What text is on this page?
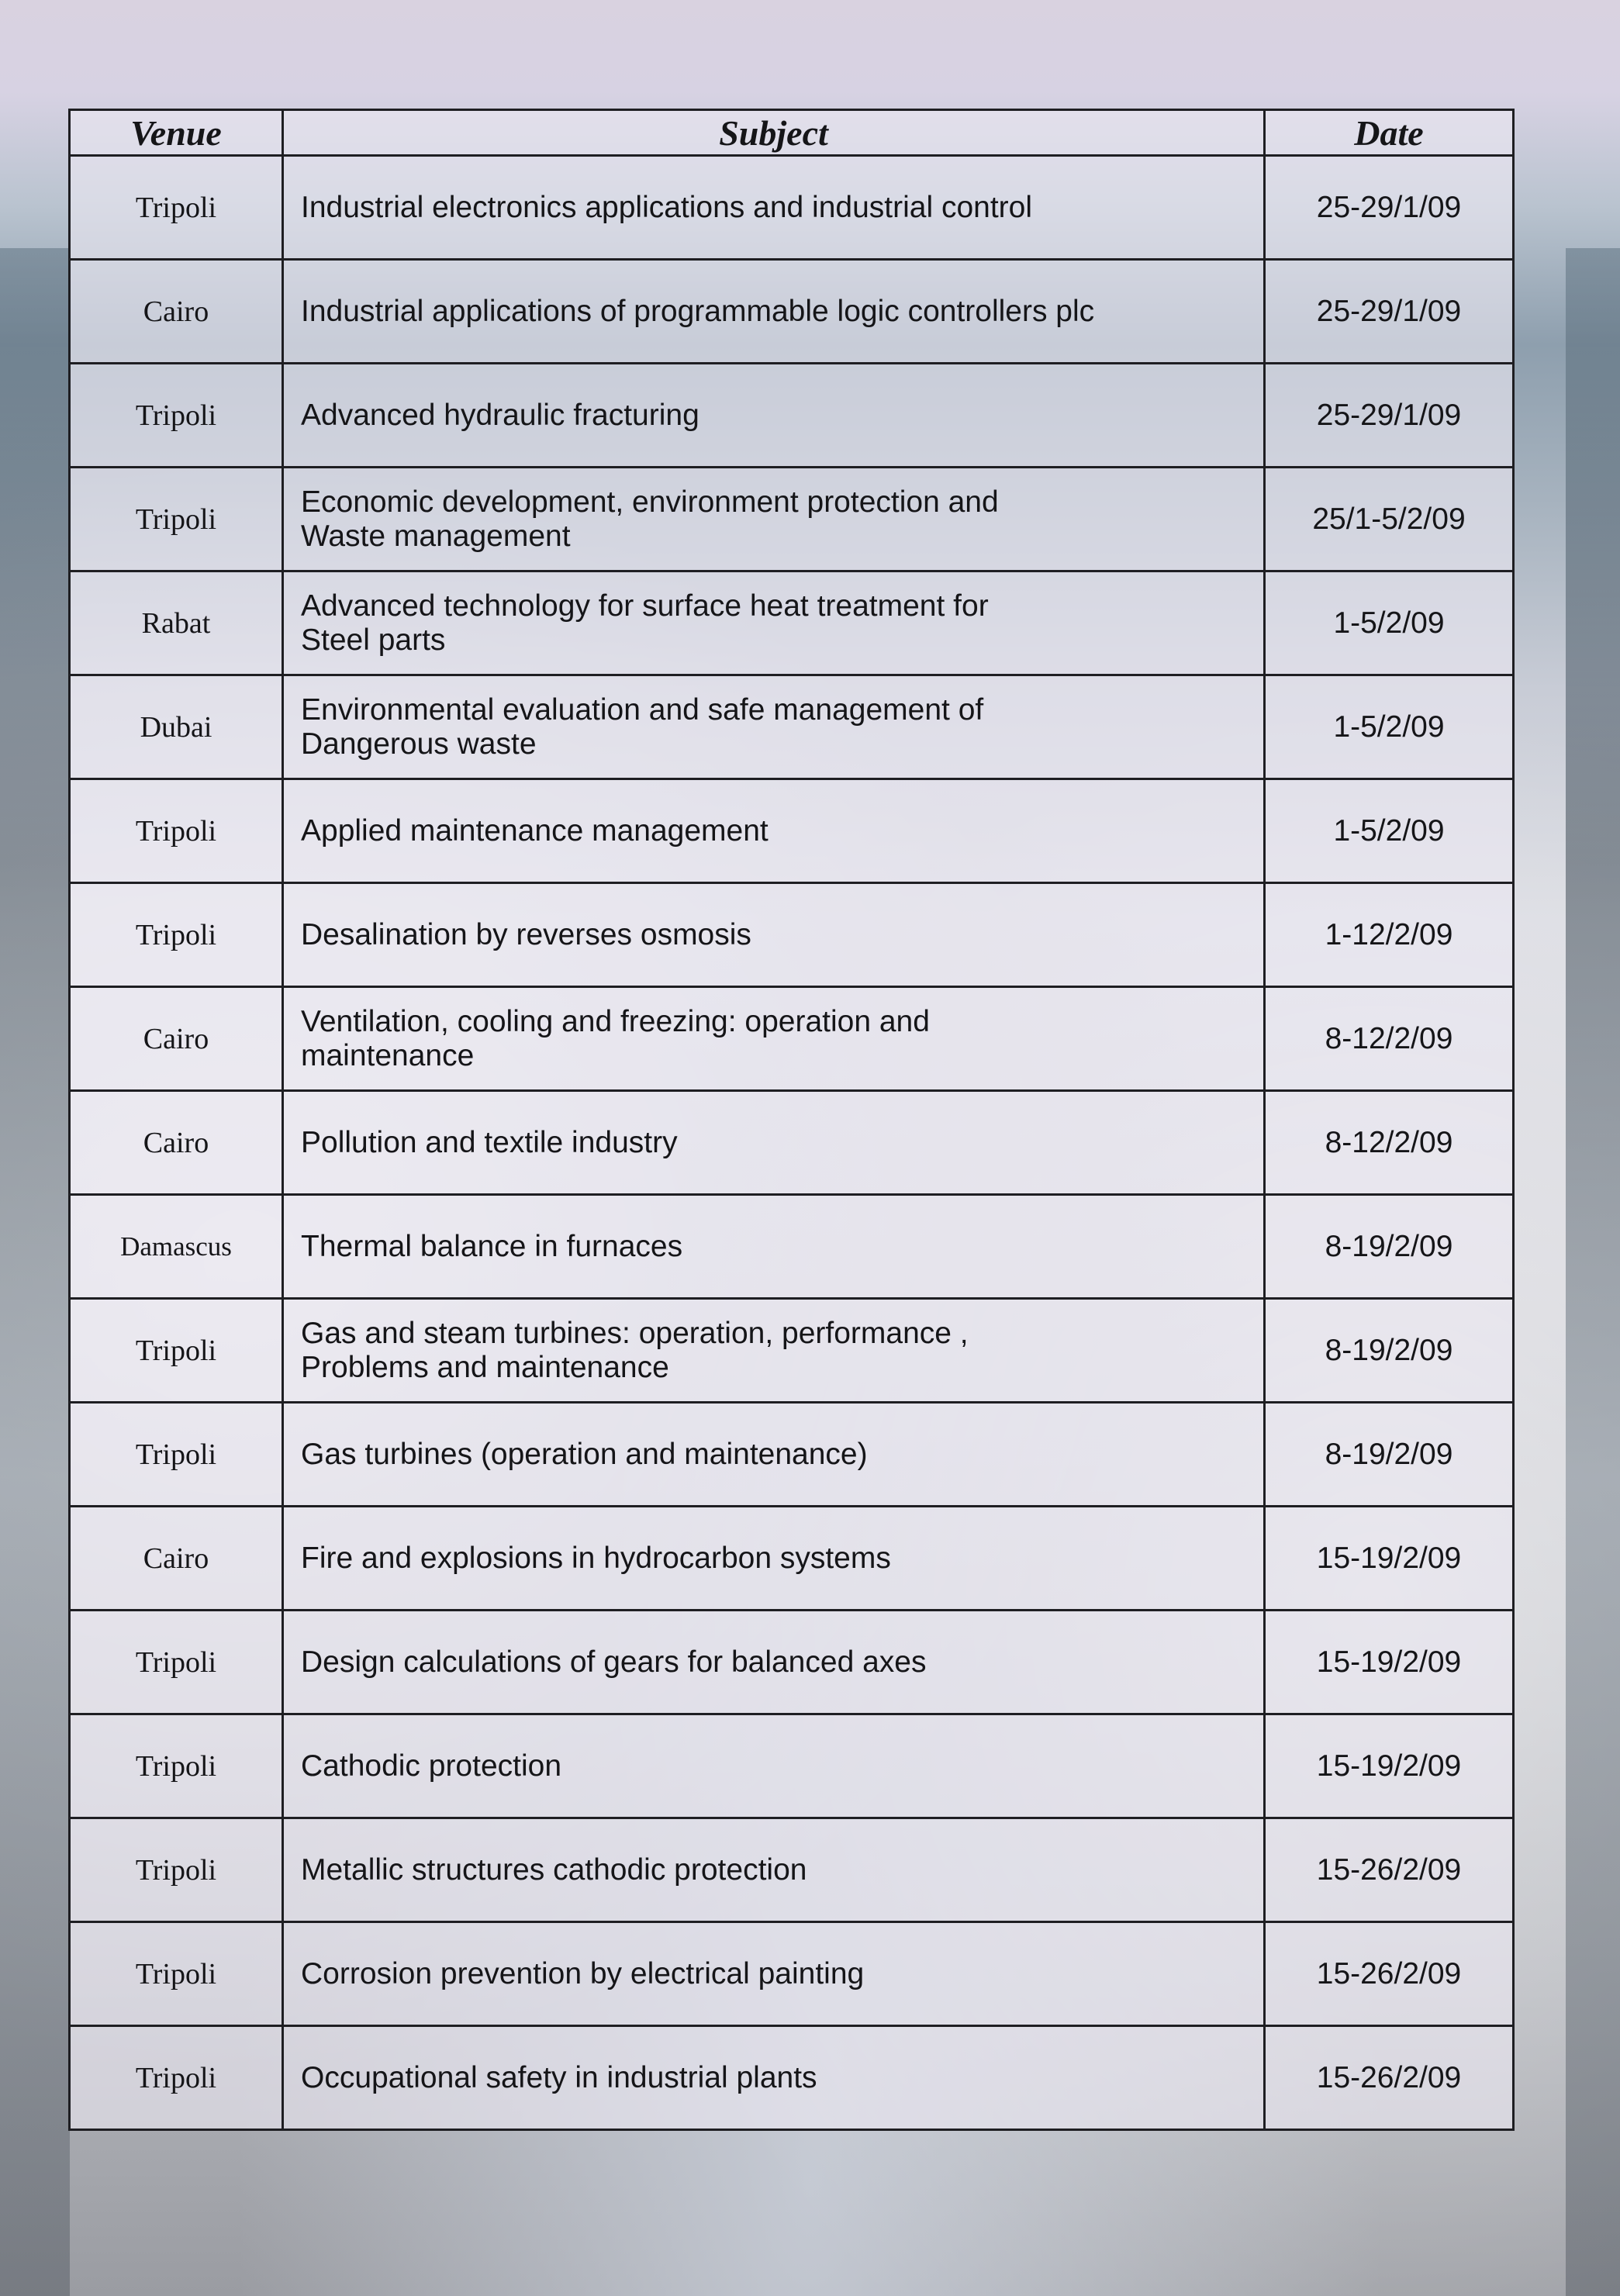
Venue	Subject	Date
Tripoli	Industrial electronics applications and industrial control	25-29/1/09
Cairo	Industrial applications of programmable logic controllers plc	25-29/1/09
Tripoli	Advanced hydraulic fracturing	25-29/1/09
Tripoli	Economic development, environment protection and
Waste management	25/1-5/2/09
Rabat	Advanced technology for surface heat treatment for
Steel parts	1-5/2/09
Dubai	Environmental evaluation and safe management of
Dangerous waste	1-5/2/09
Tripoli	Applied maintenance management	1-5/2/09
Tripoli	Desalination by reverses osmosis	1-12/2/09
Cairo	Ventilation, cooling and freezing: operation and
maintenance	8-12/2/09
Cairo	Pollution and textile industry	8-12/2/09
Damascus	Thermal balance in furnaces	8-19/2/09
Tripoli	Gas and steam turbines: operation, performance ,
Problems and maintenance	8-19/2/09
Tripoli	Gas turbines (operation and maintenance)	8-19/2/09
Cairo	Fire and explosions in hydrocarbon systems	15-19/2/09
Tripoli	Design calculations of gears for balanced axes	15-19/2/09
Tripoli	Cathodic protection	15-19/2/09
Tripoli	Metallic structures cathodic protection	15-26/2/09
Tripoli	Corrosion prevention by electrical painting	15-26/2/09
Tripoli	Occupational safety in industrial plants	15-26/2/09
